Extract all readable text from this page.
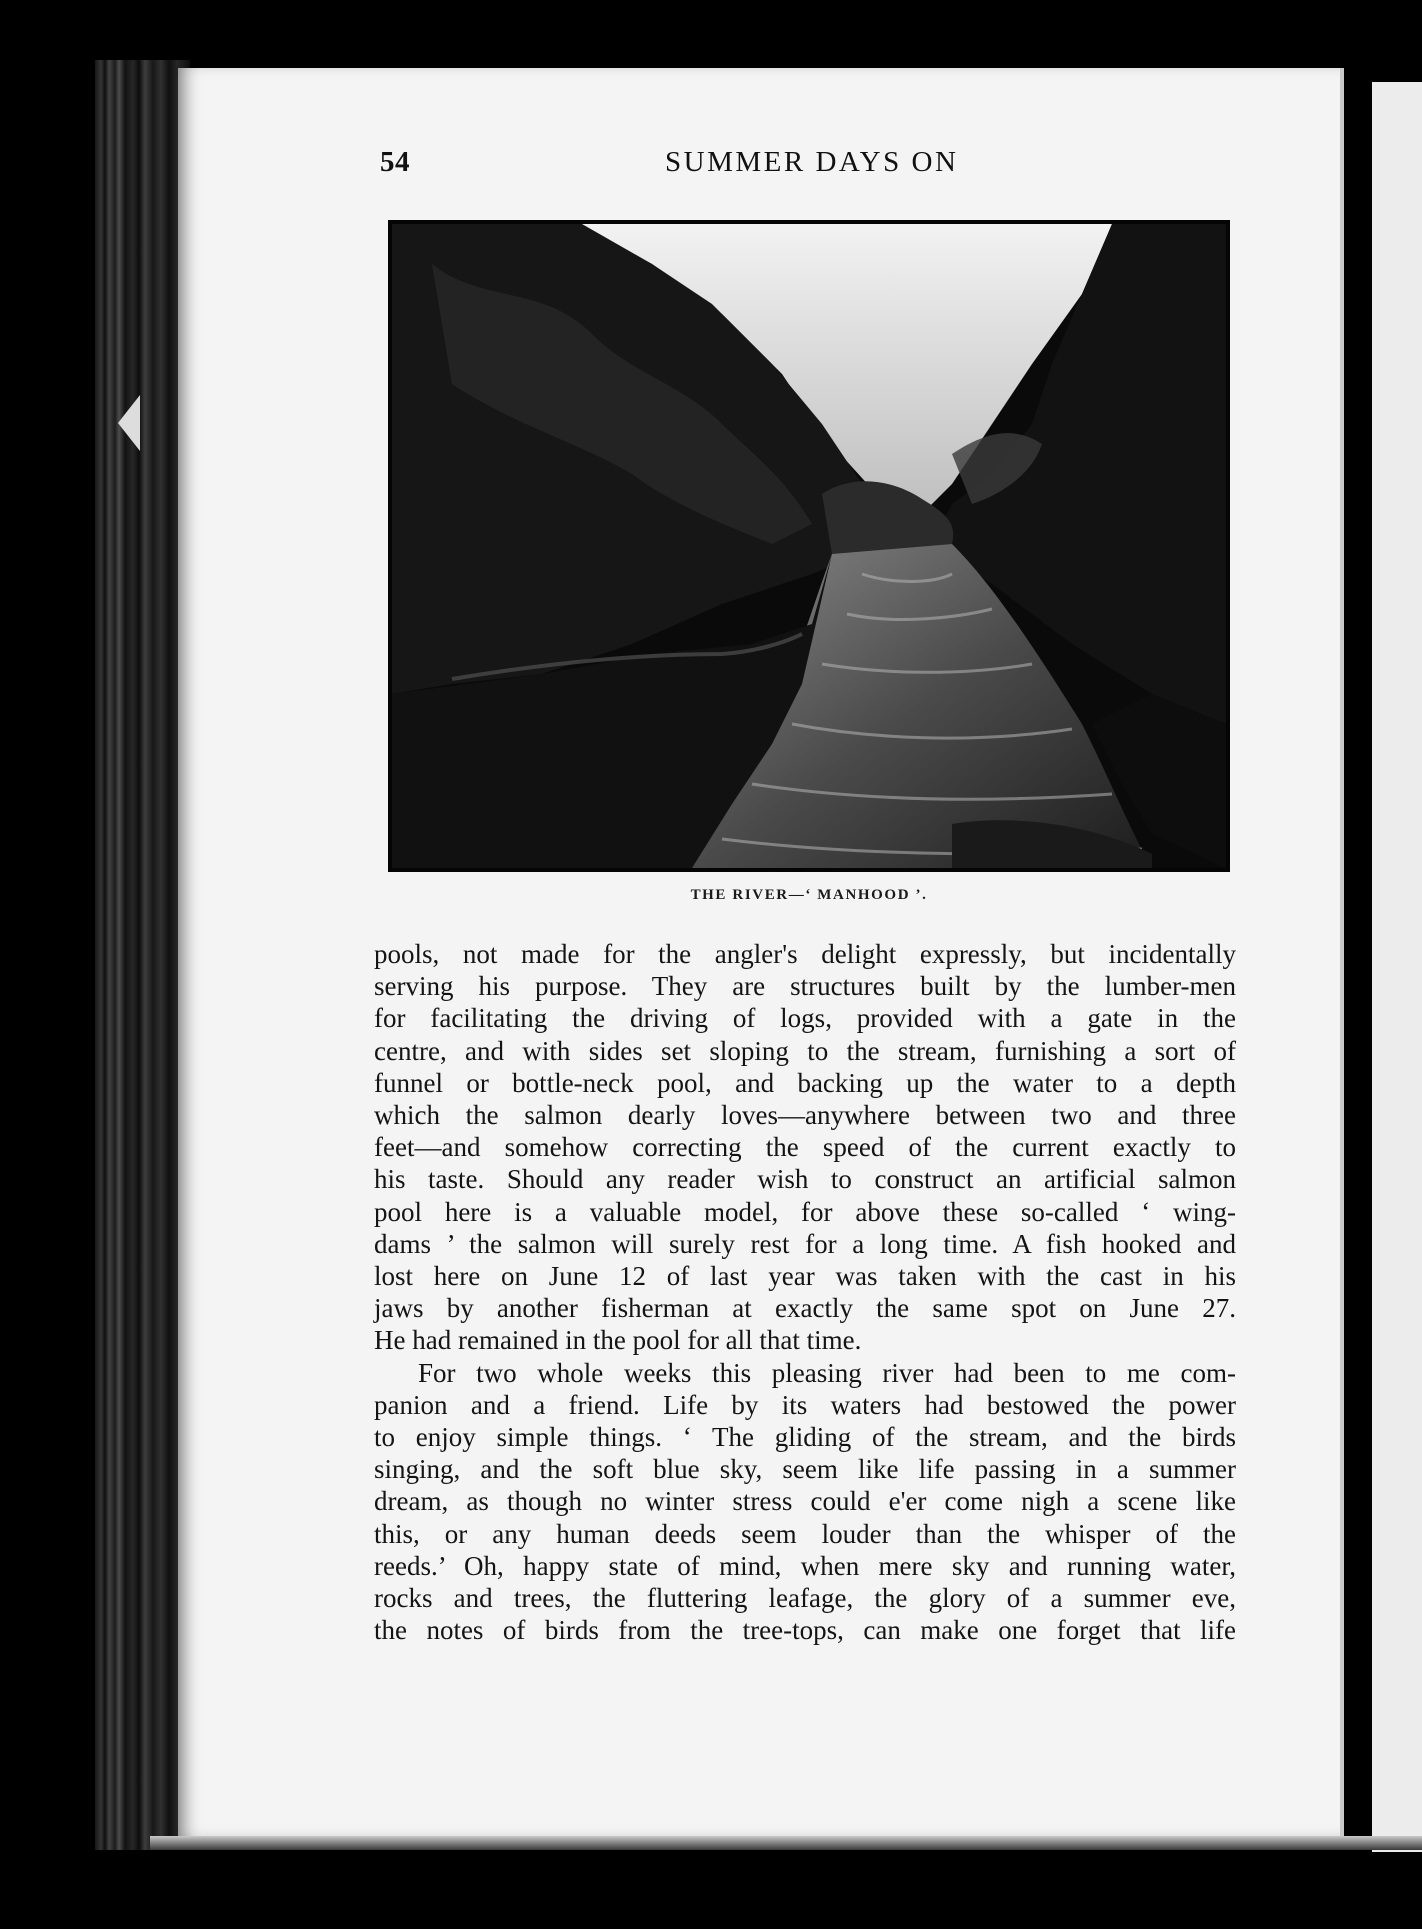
54	SUMMER DAYS ON
THE RIVER—‘ MANHOOD ’.
pools, not made for the angler's delight expressly, but incidentally
serving his purpose. They are structures built by the lumber-men
for facilitating the driving of logs, provided with a gate in the
centre, and with sides set sloping to the stream, furnishing a sort of
funnel or bottle-neck pool, and backing up the water to a depth
which the salmon dearly loves—anywhere between two and three
feet—and somehow correcting the speed of the current exactly to
his taste. Should any reader wish to construct an artificial salmon
pool here is a valuable model, for above these so-called ‘ wing-
dams ’ the salmon will surely rest for a long time. A fish hooked and
lost here on June 12 of last year was taken with the cast in his
jaws by another fisherman at exactly the same spot on June 27.
He had remained in the pool for all that time.
For two whole weeks this pleasing river had been to me com-
panion and a friend. Life by its waters had bestowed the power
to enjoy simple things. ‘ The gliding of the stream, and the birds
singing, and the soft blue sky, seem like life passing in a summer
dream, as though no winter stress could e'er come nigh a scene like
this, or any human deeds seem louder than the whisper of the
reeds.’ Oh, happy state of mind, when mere sky and running water,
rocks and trees, the fluttering leafage, the glory of a summer eve,
the notes of birds from the tree-tops, can make one forget that life
